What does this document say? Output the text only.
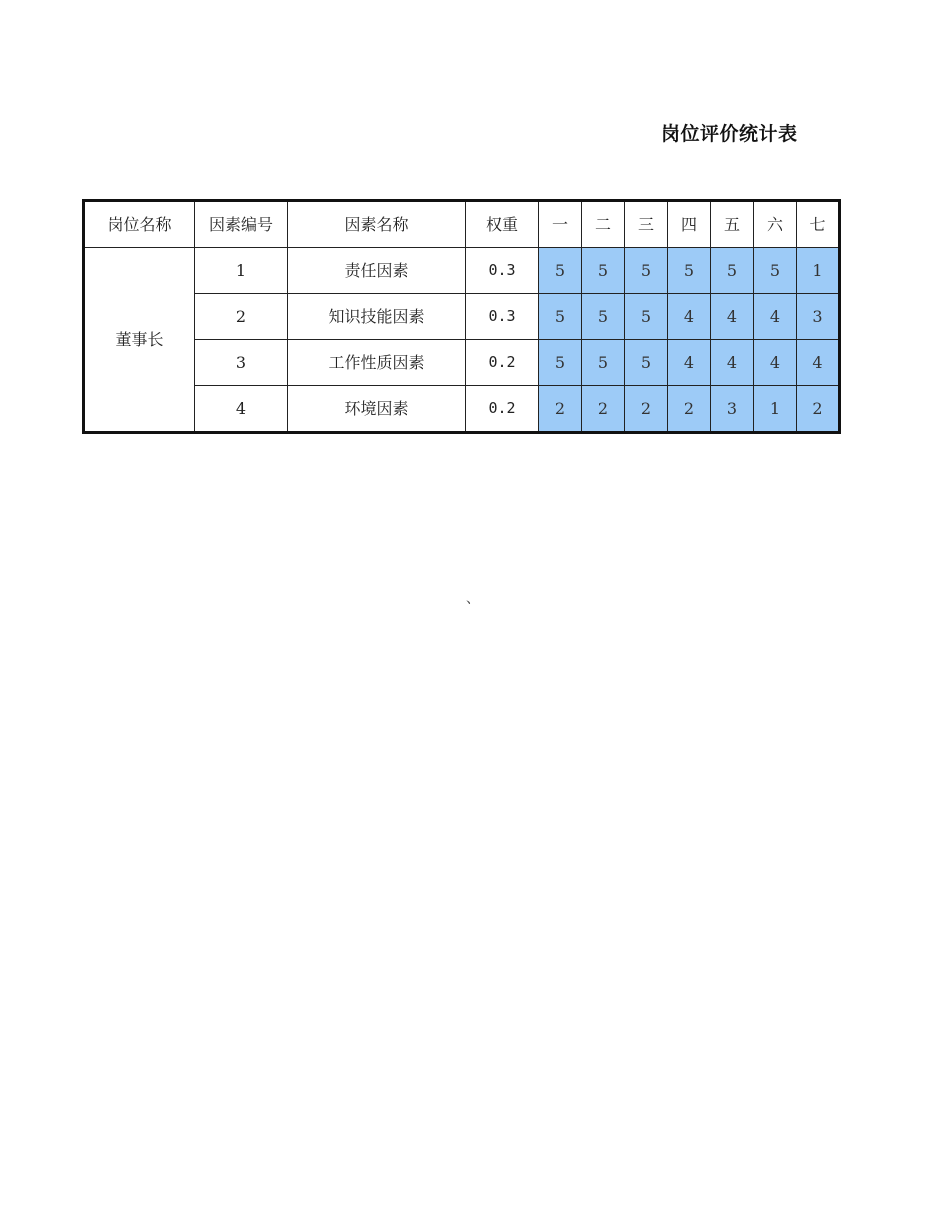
岗位评价统计表
岗位名称	因素编号	因素名称	权重	一	二	三	四	五	六	七
董事长	1	责任因素	0.3	5	5	5	5	5	5	1
	2	知识技能因素	0.3	5	5	5	4	4	4	3
	3	工作性质因素	0.2	5	5	5	4	4	4	4
	4	环境因素	0.2	2	2	2	2	3	1	2
、
